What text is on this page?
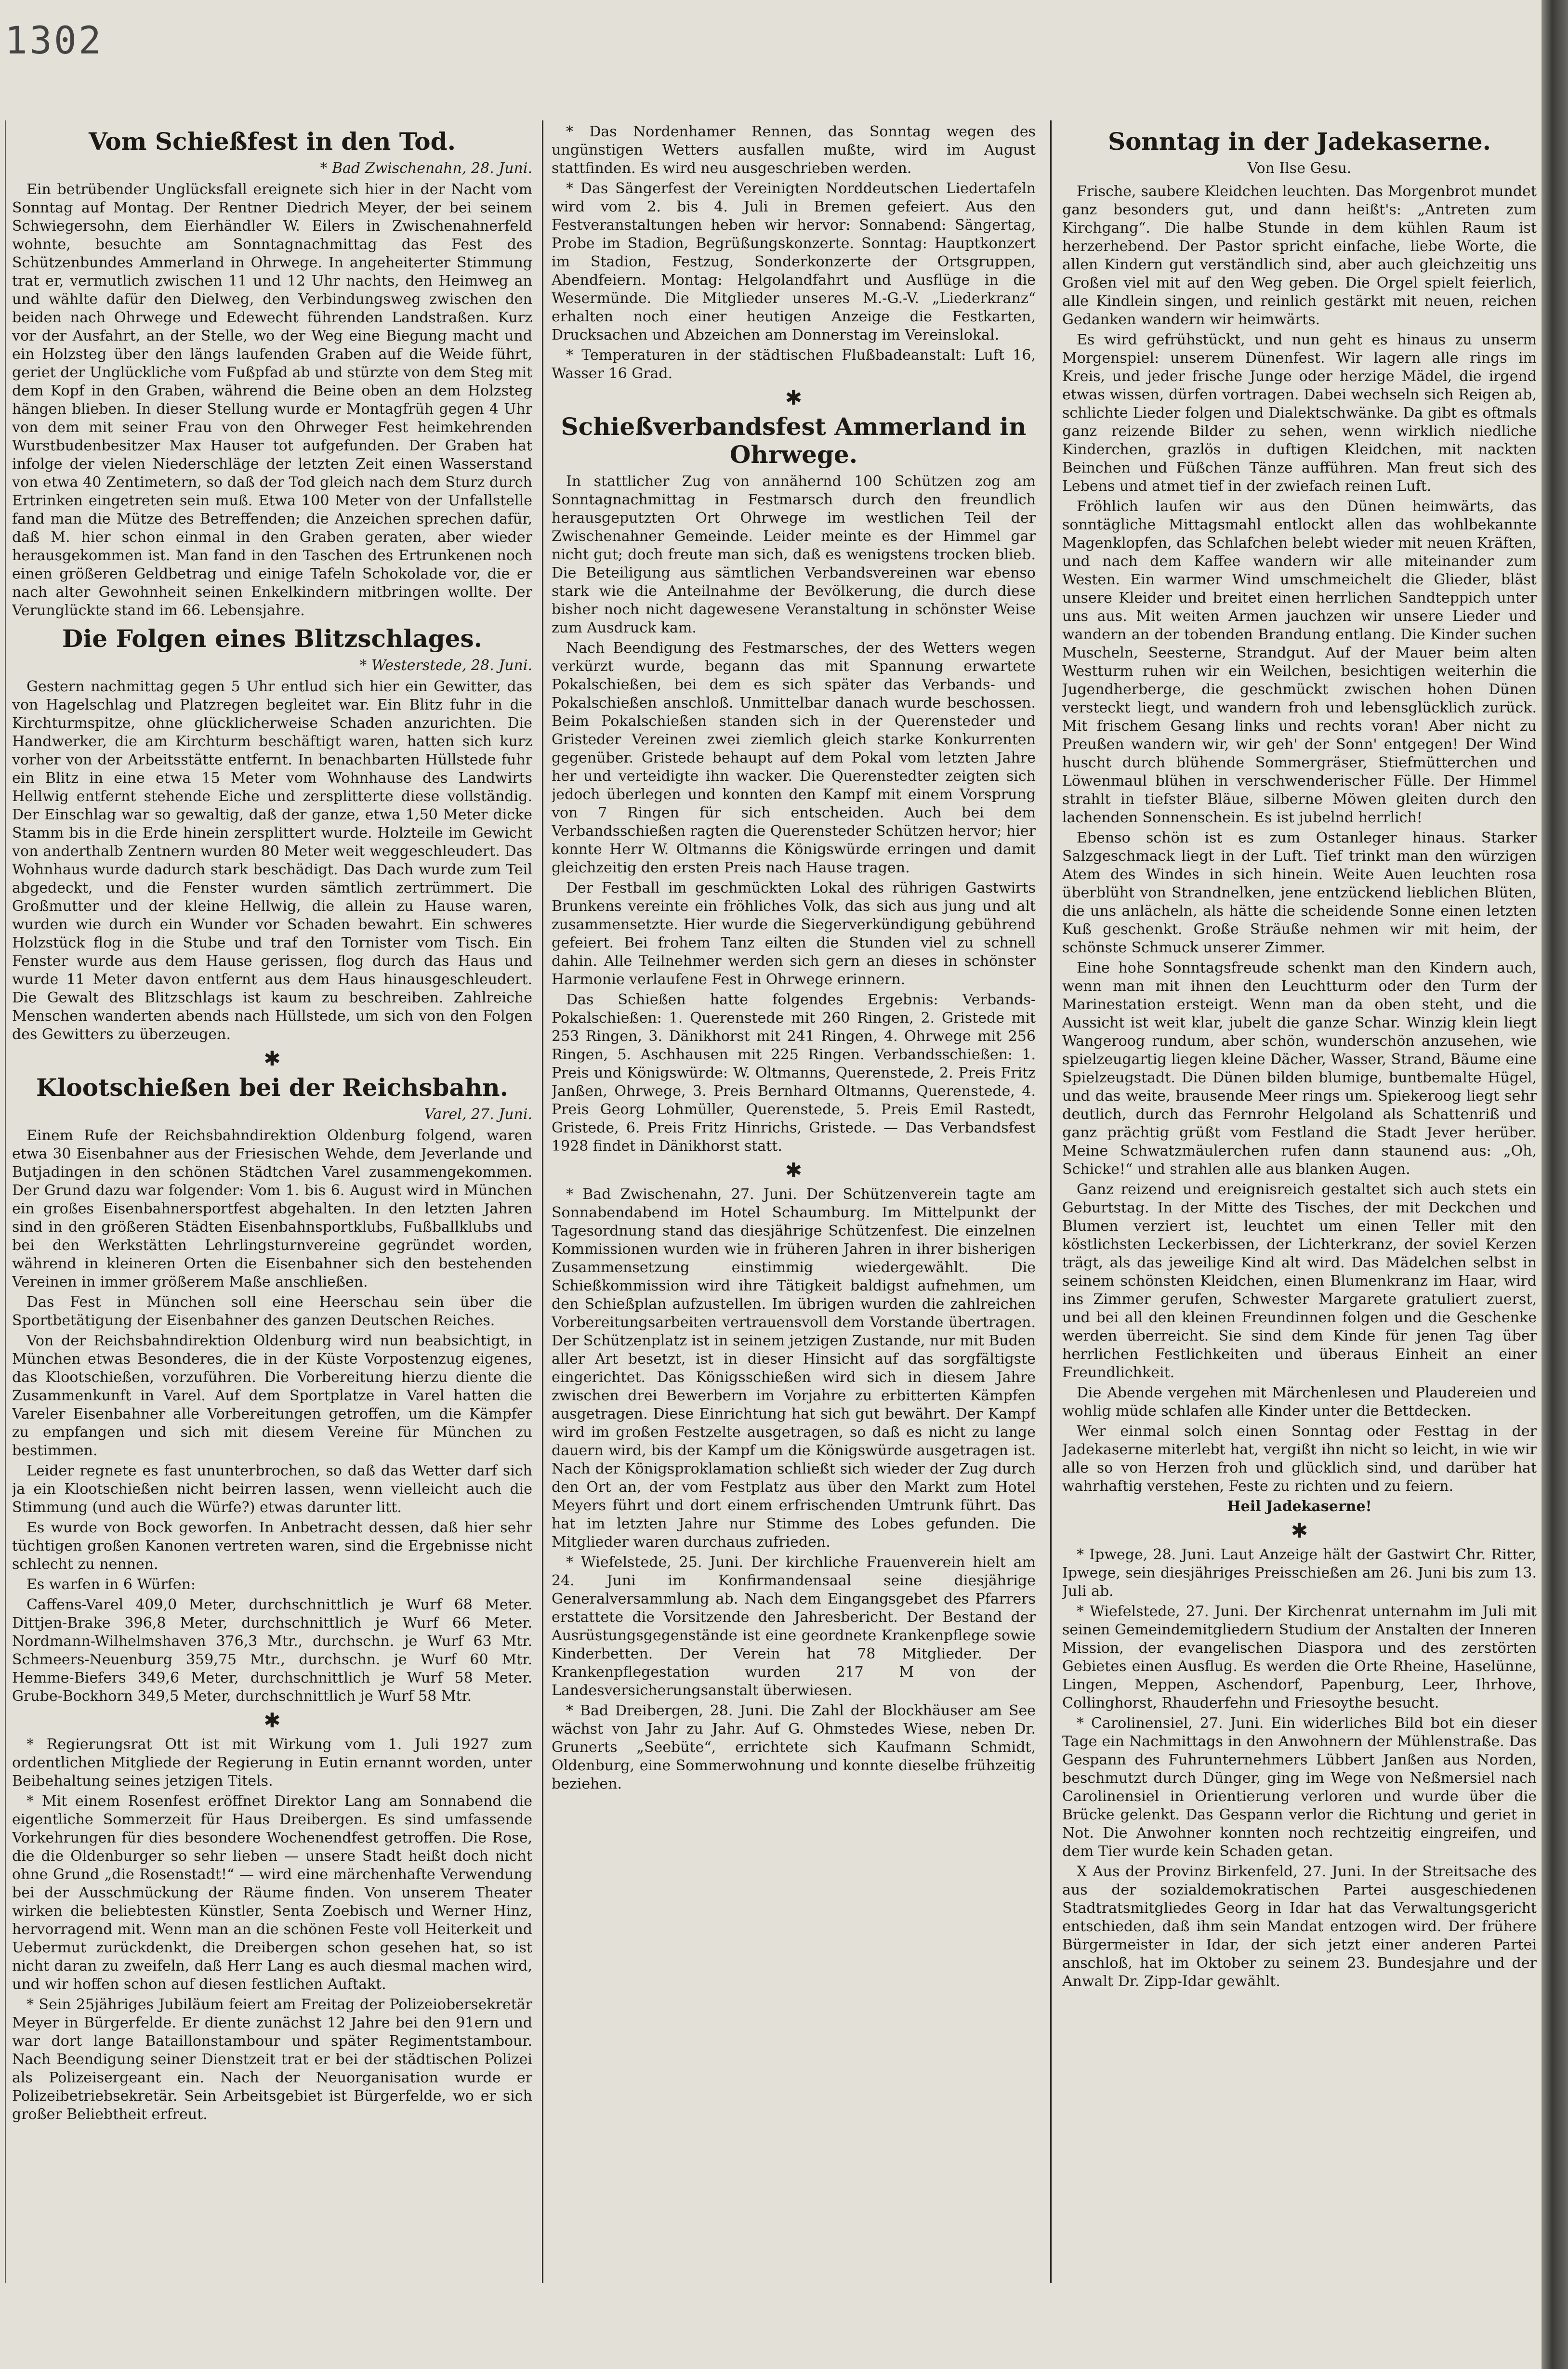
1302
Vom Schießfest in den Tod.
* Bad Zwischenahn, 28. Juni.

Ein betrübender Unglücksfall ereignete sich hier in der Nacht vom Sonntag auf Montag. Der Rentner Diedrich Meyer, der bei seinem Schwiegersohn, dem Eierhändler W. Eilers in Zwischenahnerfeld wohnte, besuchte am Sonntagnachmittag das Fest des Schützenbundes Ammerland in Ohrwege. In angeheiterter Stimmung trat er, vermutlich zwischen 11 und 12 Uhr nachts, den Heimweg an und wählte dafür den Dielweg, den Verbindungsweg zwischen den beiden nach Ohrwege und Edewecht führenden Landstraßen. Kurz vor der Ausfahrt, an der Stelle, wo der Weg eine Biegung macht und ein Holzsteg über den längs laufenden Graben auf die Weide führt, geriet der Unglückliche vom Fußpfad ab und stürzte von dem Steg mit dem Kopf in den Graben, während die Beine oben an dem Holzsteg hängen blieben. In dieser Stellung wurde er Montagfrüh gegen 4 Uhr von dem mit seiner Frau von den Ohrweger Fest heimkehrenden Wurstbudenbesitzer Max Hauser tot aufgefunden. Der Graben hat infolge der vielen Niederschläge der letzten Zeit einen Wasserstand von etwa 40 Zentimetern, so daß der Tod gleich nach dem Sturz durch Ertrinken eingetreten sein muß. Etwa 100 Meter von der Unfallstelle fand man die Mütze des Betreffenden; die Anzeichen sprechen dafür, daß M. hier schon einmal in den Graben geraten, aber wieder herausgekommen ist. Man fand in den Taschen des Ertrunkenen noch einen größeren Geldbetrag und einige Tafeln Schokolade vor, die er nach alter Gewohnheit seinen Enkelkindern mitbringen wollte. Der Verunglückte stand im 66. Lebensjahre.

Die Folgen eines Blitzschlages.
* Westerstede, 28. Juni.

Gestern nachmittag gegen 5 Uhr entlud sich hier ein Gewitter, das von Hagelschlag und Platzregen begleitet war. Ein Blitz fuhr in die Kirchturmspitze, ohne glücklicherweise Schaden anzurichten. Die Handwerker, die am Kirchturm beschäftigt waren, hatten sich kurz vorher von der Arbeitsstätte entfernt. In benachbarten Hüllstede fuhr ein Blitz in eine etwa 15 Meter vom Wohnhause des Landwirts Hellwig entfernt stehende Eiche und zersplitterte diese vollständig. Der Einschlag war so gewaltig, daß der ganze, etwa 1,50 Meter dicke Stamm bis in die Erde hinein zersplittert wurde. Holzteile im Gewicht von anderthalb Zentnern wurden 80 Meter weit weggeschleudert. Das Wohnhaus wurde dadurch stark beschädigt. Das Dach wurde zum Teil abgedeckt, und die Fenster wurden sämtlich zertrümmert. Die Großmutter und der kleine Hellwig, die allein zu Hause waren, wurden wie durch ein Wunder vor Schaden bewahrt. Ein schweres Holzstück flog in die Stube und traf den Tornister vom Tisch. Ein Fenster wurde aus dem Hause gerissen, flog durch das Haus und wurde 11 Meter davon entfernt aus dem Haus hinausgeschleudert. Die Gewalt des Blitzschlags ist kaum zu beschreiben. Zahlreiche Menschen wanderten abends nach Hüllstede, um sich von den Folgen des Gewitters zu überzeugen.

✱
Klootschießen bei der Reichsbahn.
Varel, 27. Juni.

Einem Rufe der Reichsbahndirektion Oldenburg folgend, waren etwa 30 Eisenbahner aus der Friesischen Wehde, dem Jeverlande und Butjadingen in den schönen Städtchen Varel zusammengekommen. Der Grund dazu war folgender: Vom 1. bis 6. August wird in München ein großes Eisenbahnersportfest abgehalten. In den letzten Jahren sind in den größeren Städten Eisenbahnsportklubs, Fußballklubs und bei den Werkstätten Lehrlingsturnvereine gegründet worden, während in kleineren Orten die Eisenbahner sich den bestehenden Vereinen in immer größerem Maße anschließen.

Das Fest in München soll eine Heerschau sein über die Sportbetätigung der Eisenbahner des ganzen Deutschen Reiches.

Von der Reichsbahndirektion Oldenburg wird nun beabsichtigt, in München etwas Besonderes, die in der Küste Vorpostenzug eigenes, das Klootschießen, vorzuführen. Die Vorbereitung hierzu diente die Zusammenkunft in Varel. Auf dem Sportplatze in Varel hatten die Vareler Eisenbahner alle Vorbereitungen getroffen, um die Kämpfer zu empfangen und sich mit diesem Vereine für München zu bestimmen.

Leider regnete es fast ununterbrochen, so daß das Wetter darf sich ja ein Klootschießen nicht beirren lassen, wenn vielleicht auch die Stimmung (und auch die Würfe?) etwas darunter litt.

Es wurde von Bock geworfen. In Anbetracht dessen, daß hier sehr tüchtigen großen Kanonen vertreten waren, sind die Ergebnisse nicht schlecht zu nennen.

Es warfen in 6 Würfen:

Caffens-Varel 409,0 Meter, durchschnittlich je Wurf 68 Meter. Dittjen-Brake 396,8 Meter, durchschnittlich je Wurf 66 Meter. Nordmann-Wilhelmshaven 376,3 Mtr., durchschn. je Wurf 63 Mtr. Schmeers-Neuenburg 359,75 Mtr., durchschn. je Wurf 60 Mtr. Hemme-Biefers 349,6 Meter, durchschnittlich je Wurf 58 Meter. Grube-Bockhorn 349,5 Meter, durchschnittlich je Wurf 58 Mtr.

✱

* Regierungsrat Ott ist mit Wirkung vom 1. Juli 1927 zum ordentlichen Mitgliede der Regierung in Eutin ernannt worden, unter Beibehaltung seines jetzigen Titels.

* Mit einem Rosenfest eröffnet Direktor Lang am Sonnabend die eigentliche Sommerzeit für Haus Dreibergen. Es sind umfassende Vorkehrungen für dies besondere Wochenendfest getroffen. Die Rose, die die Oldenburger so sehr lieben — unsere Stadt heißt doch nicht ohne Grund „die Rosenstadt!“ — wird eine märchenhafte Verwendung bei der Ausschmückung der Räume finden. Von unserem Theater wirken die beliebtesten Künstler, Senta Zoebisch und Werner Hinz, hervorragend mit. Wenn man an die schönen Feste voll Heiterkeit und Uebermut zurückdenkt, die Dreibergen schon gesehen hat, so ist nicht daran zu zweifeln, daß Herr Lang es auch diesmal machen wird, und wir hoffen schon auf diesen festlichen Auftakt.

* Sein 25jähriges Jubiläum feiert am Freitag der Polizeiobersekretär Meyer in Bürgerfelde. Er diente zunächst 12 Jahre bei den 91ern und war dort lange Bataillonstambour und später Regimentstambour. Nach Beendigung seiner Dienstzeit trat er bei der städtischen Polizei als Polizeisergeant ein. Nach der Neuorganisation wurde er Polizeibetriebsekretär. Sein Arbeitsgebiet ist Bürgerfelde, wo er sich großer Beliebtheit erfreut.

* Das Nordenhamer Rennen, das Sonntag wegen des ungünstigen Wetters ausfallen mußte, wird im August stattfinden. Es wird neu ausgeschrieben werden.

* Das Sängerfest der Vereinigten Norddeutschen Liedertafeln wird vom 2. bis 4. Juli in Bremen gefeiert. Aus den Festveranstaltungen heben wir hervor: Sonnabend: Sängertag, Probe im Stadion, Begrüßungskonzerte. Sonntag: Hauptkonzert im Stadion, Festzug, Sonderkonzerte der Ortsgruppen, Abendfeiern. Montag: Helgolandfahrt und Ausflüge in die Wesermünde. Die Mitglieder unseres M.-G.-V. „Liederkranz“ erhalten noch einer heutigen Anzeige die Festkarten, Drucksachen und Abzeichen am Donnerstag im Vereinslokal.

* Temperaturen in der städtischen Flußbadeanstalt: Luft 16, Wasser 16 Grad.

✱
Schießverbandsfest Ammerland in Ohrwege.

In stattlicher Zug von annähernd 100 Schützen zog am Sonntagnachmittag in Festmarsch durch den freundlich herausgeputzten Ort Ohrwege im westlichen Teil der Zwischenahner Gemeinde. Leider meinte es der Himmel gar nicht gut; doch freute man sich, daß es wenigstens trocken blieb. Die Beteiligung aus sämtlichen Verbandsvereinen war ebenso stark wie die Anteilnahme der Bevölkerung, die durch diese bisher noch nicht dagewesene Veranstaltung in schönster Weise zum Ausdruck kam.

Nach Beendigung des Festmarsches, der des Wetters wegen verkürzt wurde, begann das mit Spannung erwartete Pokalschießen, bei dem es sich später das Verbands- und Pokalschießen anschloß. Unmittelbar danach wurde beschossen. Beim Pokalschießen standen sich in der Querensteder und Gristeder Vereinen zwei ziemlich gleich starke Konkurrenten gegenüber. Gristede behaupt auf dem Pokal vom letzten Jahre her und verteidigte ihn wacker. Die Querenstedter zeigten sich jedoch überlegen und konnten den Kampf mit einem Vorsprung von 7 Ringen für sich entscheiden. Auch bei dem Verbandsschießen ragten die Querensteder Schützen hervor; hier konnte Herr W. Oltmanns die Königswürde erringen und damit gleichzeitig den ersten Preis nach Hause tragen.

Der Festball im geschmückten Lokal des rührigen Gastwirts Brunkens vereinte ein fröhliches Volk, das sich aus jung und alt zusammensetzte. Hier wurde die Siegerverkündigung gebührend gefeiert. Bei frohem Tanz eilten die Stunden viel zu schnell dahin. Alle Teilnehmer werden sich gern an dieses in schönster Harmonie verlaufene Fest in Ohrwege erinnern.

Das Schießen hatte folgendes Ergebnis: Verbands-Pokalschießen: 1. Querenstede mit 260 Ringen, 2. Gristede mit 253 Ringen, 3. Dänikhorst mit 241 Ringen, 4. Ohrwege mit 256 Ringen, 5. Aschhausen mit 225 Ringen. Verbandsschießen: 1. Preis und Königswürde: W. Oltmanns, Querenstede, 2. Preis Fritz Janßen, Ohrwege, 3. Preis Bernhard Oltmanns, Querenstede, 4. Preis Georg Lohmüller, Querenstede, 5. Preis Emil Rastedt, Gristede, 6. Preis Fritz Hinrichs, Gristede. — Das Verbandsfest 1928 findet in Dänikhorst statt.

✱

* Bad Zwischenahn, 27. Juni. Der Schützenverein tagte am Sonnabendabend im Hotel Schaumburg. Im Mittelpunkt der Tagesordnung stand das diesjährige Schützenfest. Die einzelnen Kommissionen wurden wie in früheren Jahren in ihrer bisherigen Zusammensetzung einstimmig wiedergewählt. Die Schießkommission wird ihre Tätigkeit baldigst aufnehmen, um den Schießplan aufzustellen. Im übrigen wurden die zahlreichen Vorbereitungsarbeiten vertrauensvoll dem Vorstande übertragen. Der Schützenplatz ist in seinem jetzigen Zustande, nur mit Buden aller Art besetzt, ist in dieser Hinsicht auf das sorgfältigste eingerichtet. Das Königsschießen wird sich in diesem Jahre zwischen drei Bewerbern im Vorjahre zu erbitterten Kämpfen ausgetragen. Diese Einrichtung hat sich gut bewährt. Der Kampf wird im großen Festzelte ausgetragen, so daß es nicht zu lange dauern wird, bis der Kampf um die Königswürde ausgetragen ist. Nach der Königsproklamation schließt sich wieder der Zug durch den Ort an, der vom Festplatz aus über den Markt zum Hotel Meyers führt und dort einem erfrischenden Umtrunk führt. Das hat im letzten Jahre nur Stimme des Lobes gefunden. Die Mitglieder waren durchaus zufrieden.

* Wiefelstede, 25. Juni. Der kirchliche Frauenverein hielt am 24. Juni im Konfirmandensaal seine diesjährige Generalversammlung ab. Nach dem Eingangsgebet des Pfarrers erstattete die Vorsitzende den Jahresbericht. Der Bestand der Ausrüstungsgegenstände ist eine geordnete Krankenpflege sowie Kinderbetten. Der Verein hat 78 Mitglieder. Der Krankenpflegestation wurden 217 M von der Landesversicherungsanstalt überwiesen.

* Bad Dreibergen, 28. Juni. Die Zahl der Blockhäuser am See wächst von Jahr zu Jahr. Auf G. Ohmstedes Wiese, neben Dr. Grunerts „Seebüte“, errichtete sich Kaufmann Schmidt, Oldenburg, eine Sommerwohnung und konnte dieselbe frühzeitig beziehen.

Sonntag in der Jadekaserne.
Von Ilse Gesu.

Frische, saubere Kleidchen leuchten. Das Morgenbrot mundet ganz besonders gut, und dann heißt's: „Antreten zum Kirchgang“. Die halbe Stunde in dem kühlen Raum ist herzerhebend. Der Pastor spricht einfache, liebe Worte, die allen Kindern gut verständlich sind, aber auch gleichzeitig uns Großen viel mit auf den Weg geben. Die Orgel spielt feierlich, alle Kindlein singen, und reinlich gestärkt mit neuen, reichen Gedanken wandern wir heimwärts.

Es wird gefrühstückt, und nun geht es hinaus zu unserm Morgenspiel: unserem Dünenfest. Wir lagern alle rings im Kreis, und jeder frische Junge oder herzige Mädel, die irgend etwas wissen, dürfen vortragen. Dabei wechseln sich Reigen ab, schlichte Lieder folgen und Dialektschwänke. Da gibt es oftmals ganz reizende Bilder zu sehen, wenn wirklich niedliche Kinderchen, grazlös in duftigen Kleidchen, mit nackten Beinchen und Füßchen Tänze aufführen. Man freut sich des Lebens und atmet tief in der zwiefach reinen Luft.

Fröhlich laufen wir aus den Dünen heimwärts, das sonntägliche Mittagsmahl entlockt allen das wohlbekannte Magenklopfen, das Schlafchen belebt wieder mit neuen Kräften, und nach dem Kaffee wandern wir alle miteinander zum Westen. Ein warmer Wind umschmeichelt die Glieder, bläst unsere Kleider und breitet einen herrlichen Sandteppich unter uns aus. Mit weiten Armen jauchzen wir unsere Lieder und wandern an der tobenden Brandung entlang. Die Kinder suchen Muscheln, Seesterne, Strandgut. Auf der Mauer beim alten Westturm ruhen wir ein Weilchen, besichtigen weiterhin die Jugendherberge, die geschmückt zwischen hohen Dünen versteckt liegt, und wandern froh und lebensglücklich zurück. Mit frischem Gesang links und rechts voran! Aber nicht zu Preußen wandern wir, wir geh' der Sonn' entgegen! Der Wind huscht durch blühende Sommergräser, Stiefmütterchen und Löwenmaul blühen in verschwenderischer Fülle. Der Himmel strahlt in tiefster Bläue, silberne Möwen gleiten durch den lachenden Sonnenschein. Es ist jubelnd herrlich!

Ebenso schön ist es zum Ostanleger hinaus. Starker Salzgeschmack liegt in der Luft. Tief trinkt man den würzigen Atem des Windes in sich hinein. Weite Auen leuchten rosa überblüht von Strandnelken, jene entzückend lieblichen Blüten, die uns anlächeln, als hätte die scheidende Sonne einen letzten Kuß geschenkt. Große Sträuße nehmen wir mit heim, der schönste Schmuck unserer Zimmer.

Eine hohe Sonntagsfreude schenkt man den Kindern auch, wenn man mit ihnen den Leuchtturm oder den Turm der Marinestation ersteigt. Wenn man da oben steht, und die Aussicht ist weit klar, jubelt die ganze Schar. Winzig klein liegt Wangeroog rundum, aber schön, wunderschön anzusehen, wie spielzeugartig liegen kleine Dächer, Wasser, Strand, Bäume eine Spielzeugstadt. Die Dünen bilden blumige, buntbemalte Hügel, und das weite, brausende Meer rings um. Spiekeroog liegt sehr deutlich, durch das Fernrohr Helgoland als Schattenriß und ganz prächtig grüßt vom Festland die Stadt Jever herüber. Meine Schwatzmäulerchen rufen dann staunend aus: „Oh, Schicke!“ und strahlen alle aus blanken Augen.

Ganz reizend und ereignisreich gestaltet sich auch stets ein Geburtstag. In der Mitte des Tisches, der mit Deckchen und Blumen verziert ist, leuchtet um einen Teller mit den köstlichsten Leckerbissen, der Lichterkranz, der soviel Kerzen trägt, als das jeweilige Kind alt wird. Das Mädelchen selbst in seinem schönsten Kleidchen, einen Blumenkranz im Haar, wird ins Zimmer gerufen, Schwester Margarete gratuliert zuerst, und bei all den kleinen Freundinnen folgen und die Geschenke werden überreicht. Sie sind dem Kinde für jenen Tag über herrlichen Festlichkeiten und überaus Einheit an einer Freundlichkeit.

Die Abende vergehen mit Märchenlesen und Plaudereien und wohlig müde schlafen alle Kinder unter die Bettdecken.

Wer einmal solch einen Sonntag oder Festtag in der Jadekaserne miterlebt hat, vergißt ihn nicht so leicht, in wie wir alle so von Herzen froh und glücklich sind, und darüber hat wahrhaftig verstehen, Feste zu richten und zu feiern.

Heil Jadekaserne!

✱

* Ipwege, 28. Juni. Laut Anzeige hält der Gastwirt Chr. Ritter, Ipwege, sein diesjähriges Preisschießen am 26. Juni bis zum 13. Juli ab.

* Wiefelstede, 27. Juni. Der Kirchenrat unternahm im Juli mit seinen Gemeindemitgliedern Studium der Anstalten der Inneren Mission, der evangelischen Diaspora und des zerstörten Gebietes einen Ausflug. Es werden die Orte Rheine, Haselünne, Lingen, Meppen, Aschendorf, Papenburg, Leer, Ihrhove, Collinghorst, Rhauderfehn und Friesoythe besucht.

* Carolinensiel, 27. Juni. Ein widerliches Bild bot ein dieser Tage ein Nachmittags in den Anwohnern der Mühlenstraße. Das Gespann des Fuhrunternehmers Lübbert Janßen aus Norden, beschmutzt durch Dünger, ging im Wege von Neßmersiel nach Carolinensiel in Orientierung verloren und wurde über die Brücke gelenkt. Das Gespann verlor die Richtung und geriet in Not. Die Anwohner konnten noch rechtzeitig eingreifen, und dem Tier wurde kein Schaden getan.

X Aus der Provinz Birkenfeld, 27. Juni. In der Streitsache des aus der sozialdemokratischen Partei ausgeschiedenen Stadtratsmitgliedes Georg in Idar hat das Verwaltungsgericht entschieden, daß ihm sein Mandat entzogen wird. Der frühere Bürgermeister in Idar, der sich jetzt einer anderen Partei anschloß, hat im Oktober zu seinem 23. Bundesjahre und der Anwalt Dr. Zipp-Idar gewählt.
